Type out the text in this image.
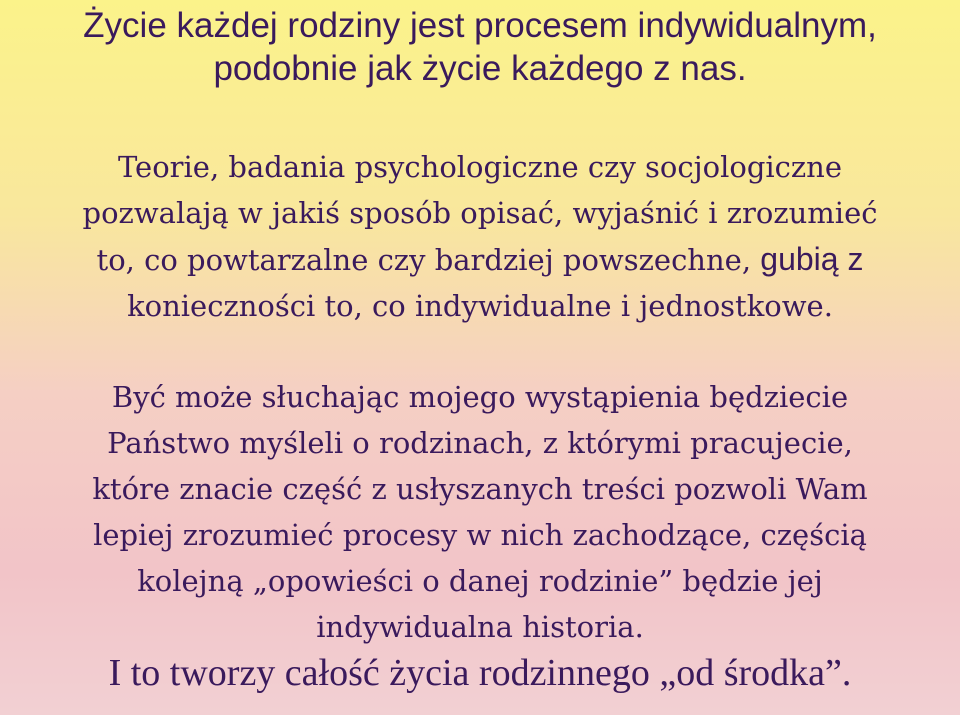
Życie każdej rodziny jest procesem indywidualnym,
podobnie jak życie każdego z nas.

Teorie, badania psychologiczne czy socjologiczne
pozwalają w jakiś sposób opisać, wyjaśnić i zrozumieć
to, co powtarzalne czy bardziej powszechne, gubią z
konieczności to, co indywidualne i jednostkowe.

Być może słuchając mojego wystąpienia będziecie
Państwo myśleli o rodzinach, z którymi pracujecie,
które znacie część z usłyszanych treści pozwoli Wam
lepiej zrozumieć procesy w nich zachodzące, częścią
kolejną „opowieści o danej rodzinie” będzie jej
indywidualna historia.

I to tworzy całość życia rodzinnego „od środka”.
